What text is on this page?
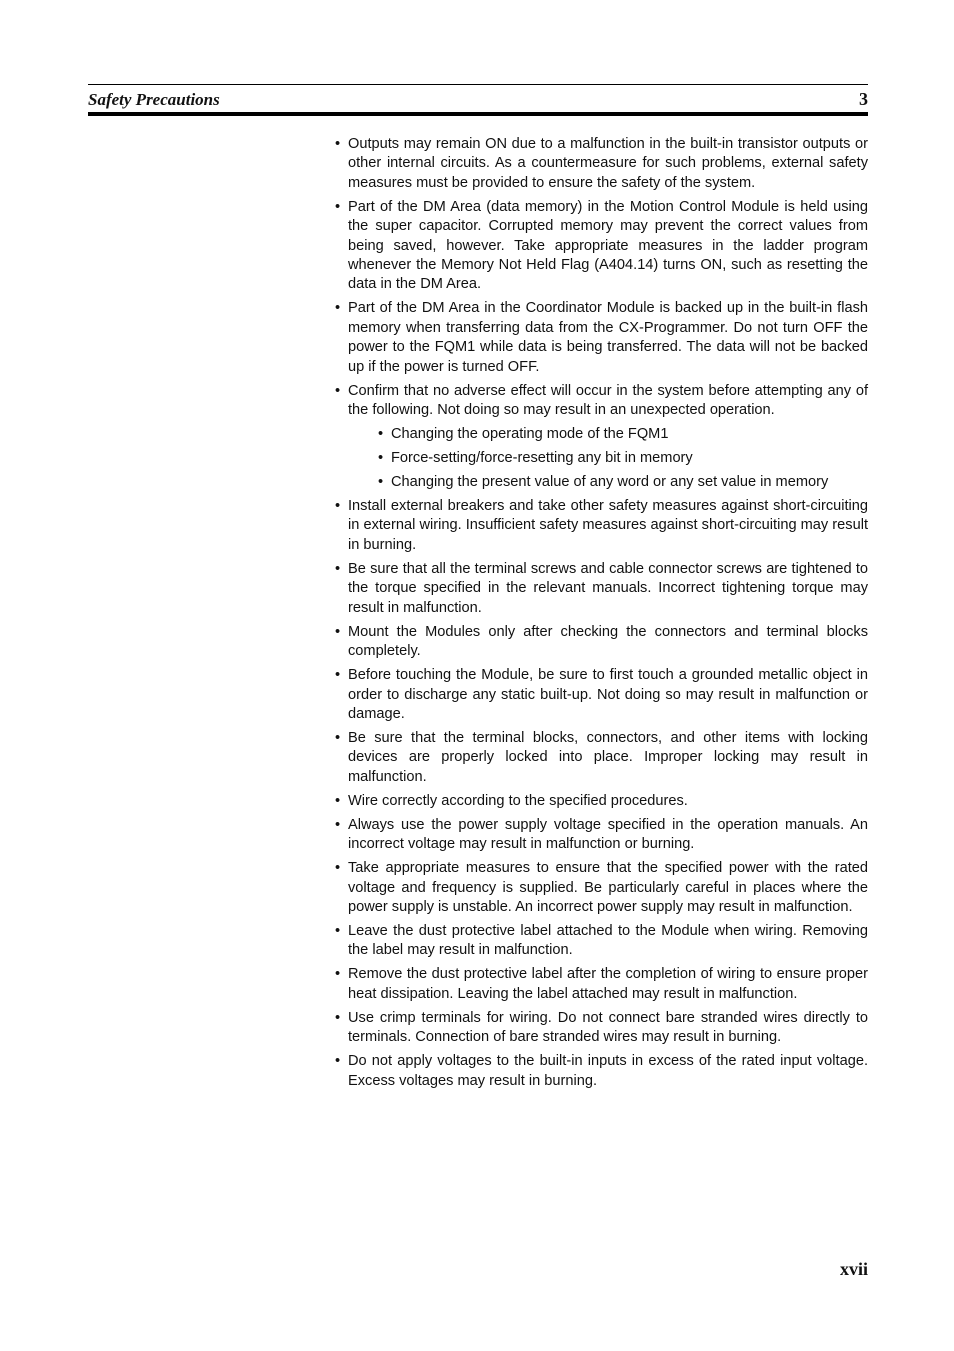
Safety Precautions	3
• Outputs may remain ON due to a malfunction in the built-in transistor outputs or other internal circuits. As a countermeasure for such problems, external safety measures must be provided to ensure the safety of the system.
• Part of the DM Area (data memory) in the Motion Control Module is held using the super capacitor. Corrupted memory may prevent the correct values from being saved, however. Take appropriate measures in the ladder program whenever the Memory Not Held Flag (A404.14) turns ON, such as resetting the data in the DM Area.
• Part of the DM Area in the Coordinator Module is backed up in the built-in flash memory when transferring data from the CX-Programmer. Do not turn OFF the power to the FQM1 while data is being transferred. The data will not be backed up if the power is turned OFF.
• Confirm that no adverse effect will occur in the system before attempting any of the following. Not doing so may result in an unexpected operation.
• Changing the operating mode of the FQM1
• Force-setting/force-resetting any bit in memory
• Changing the present value of any word or any set value in memory
• Install external breakers and take other safety measures against short-circuiting in external wiring. Insufficient safety measures against short-circuiting may result in burning.
• Be sure that all the terminal screws and cable connector screws are tightened to the torque specified in the relevant manuals. Incorrect tightening torque may result in malfunction.
• Mount the Modules only after checking the connectors and terminal blocks completely.
• Before touching the Module, be sure to first touch a grounded metallic object in order to discharge any static built-up. Not doing so may result in malfunction or damage.
• Be sure that the terminal blocks, connectors, and other items with locking devices are properly locked into place. Improper locking may result in malfunction.
• Wire correctly according to the specified procedures.
• Always use the power supply voltage specified in the operation manuals. An incorrect voltage may result in malfunction or burning.
• Take appropriate measures to ensure that the specified power with the rated voltage and frequency is supplied. Be particularly careful in places where the power supply is unstable. An incorrect power supply may result in malfunction.
• Leave the dust protective label attached to the Module when wiring. Removing the label may result in malfunction.
• Remove the dust protective label after the completion of wiring to ensure proper heat dissipation. Leaving the label attached may result in malfunction.
• Use crimp terminals for wiring. Do not connect bare stranded wires directly to terminals. Connection of bare stranded wires may result in burning.
• Do not apply voltages to the built-in inputs in excess of the rated input voltage. Excess voltages may result in burning.
xvii
